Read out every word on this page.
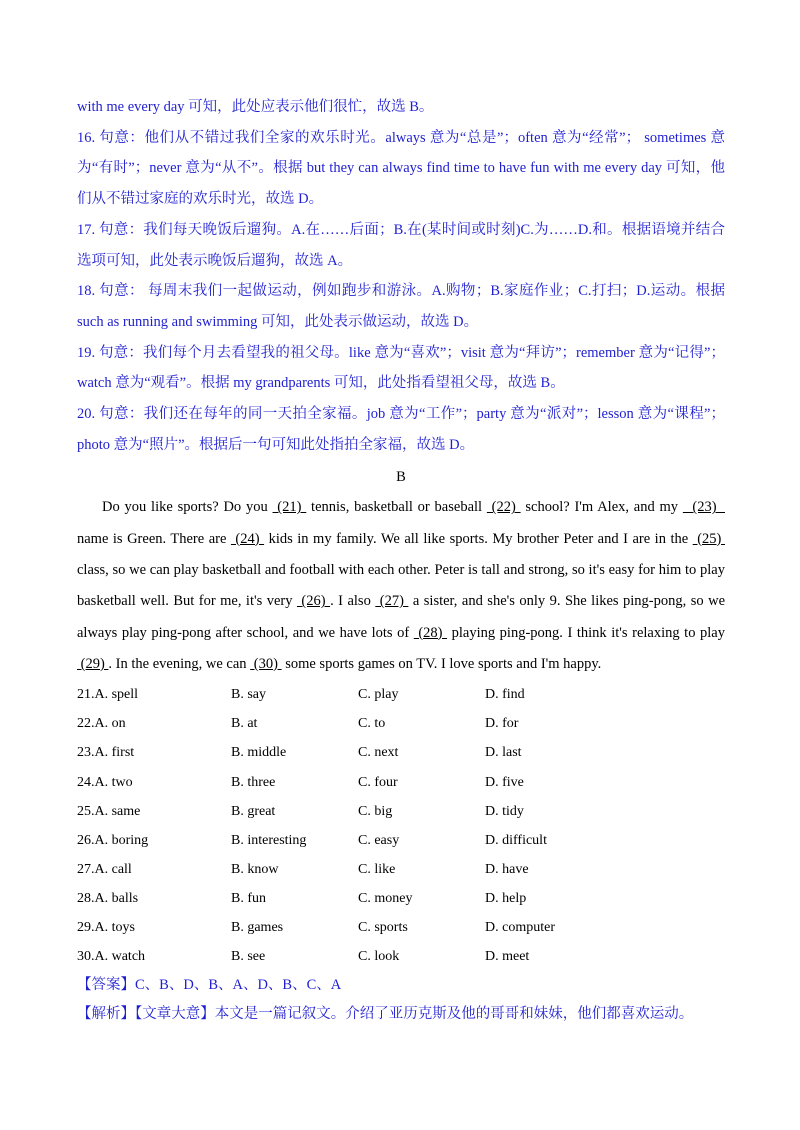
with me every day 可知，此处应表示他们很忙，故选 B。

16. 句意：他们从不错过我们全家的欢乐时光。always 意为“总是”；often 意为“经常”； sometimes 意为“有时”；never 意为“从不”。根据 but they can always find time to have fun with me every day 可知，他们从不错过家庭的欢乐时光，故选 D。

17. 句意：我们每天晚饭后遛狗。A.在……后面；B.在(某时间或时刻)C.为……D.和。根据语境并结合选项可知，此处表示晚饭后遛狗，故选 A。

18. 句意： 每周末我们一起做运动，例如跑步和游泳。A.购物；B.家庭作业；C.打扫；D.运动。根据 such as running and swimming 可知，此处表示做运动，故选 D。

19. 句意：我们每个月去看望我的祖父母。like 意为“喜欢”；visit 意为“拜访”；remember 意为“记得”；watch 意为“观看”。根据 my grandparents 可知，此处指看望祖父母，故选 B。

20. 句意：我们还在每年的同一天拍全家福。job 意为“工作”；party 意为“派对”；lesson 意为“课程”；photo 意为“照片”。根据后一句可知此处指拍全家福，故选 D。

B

Do you like sports? Do you  (21)  tennis, basketball or baseball  (22)  school? I'm Alex, and my   (23)   name is Green. There are  (24)  kids in my family. We all like sports. My brother Peter and I are in the  (25)  class, so we can play basketball and football with each other. Peter is tall and strong, so it's easy for him to play basketball well. But for me, it's very  (26) . I also  (27)  a sister, and she's only 9. She likes ping-pong, so we always play ping-pong after school, and we have lots of  (28)  playing ping-pong. I think it's relaxing to play  (29) . In the evening, we can  (30)  some sports games on TV. I love sports and I'm happy.

21.A. spell	B. say	C. play	D. find
22.A. on	B. at	C. to	D. for
23.A. first	B. middle	C. next	D. last
24.A. two	B. three	C. four	D. five
25.A. same	B. great	C. big	D. tidy
26.A. boring	B. interesting	C. easy	D. difficult
27.A. call	B. know	C. like	D. have
28.A. balls	B. fun	C. money	D. help
29.A. toys	B. games	C. sports	D. computer
30.A. watch	B. see	C. look	D. meet
【答案】C、B、D、B、A、D、B、C、A
【解析】【文章大意】本文是一篇记叙文。介绍了亚历克斯及他的哥哥和妹妹，他们都喜欢运动。
